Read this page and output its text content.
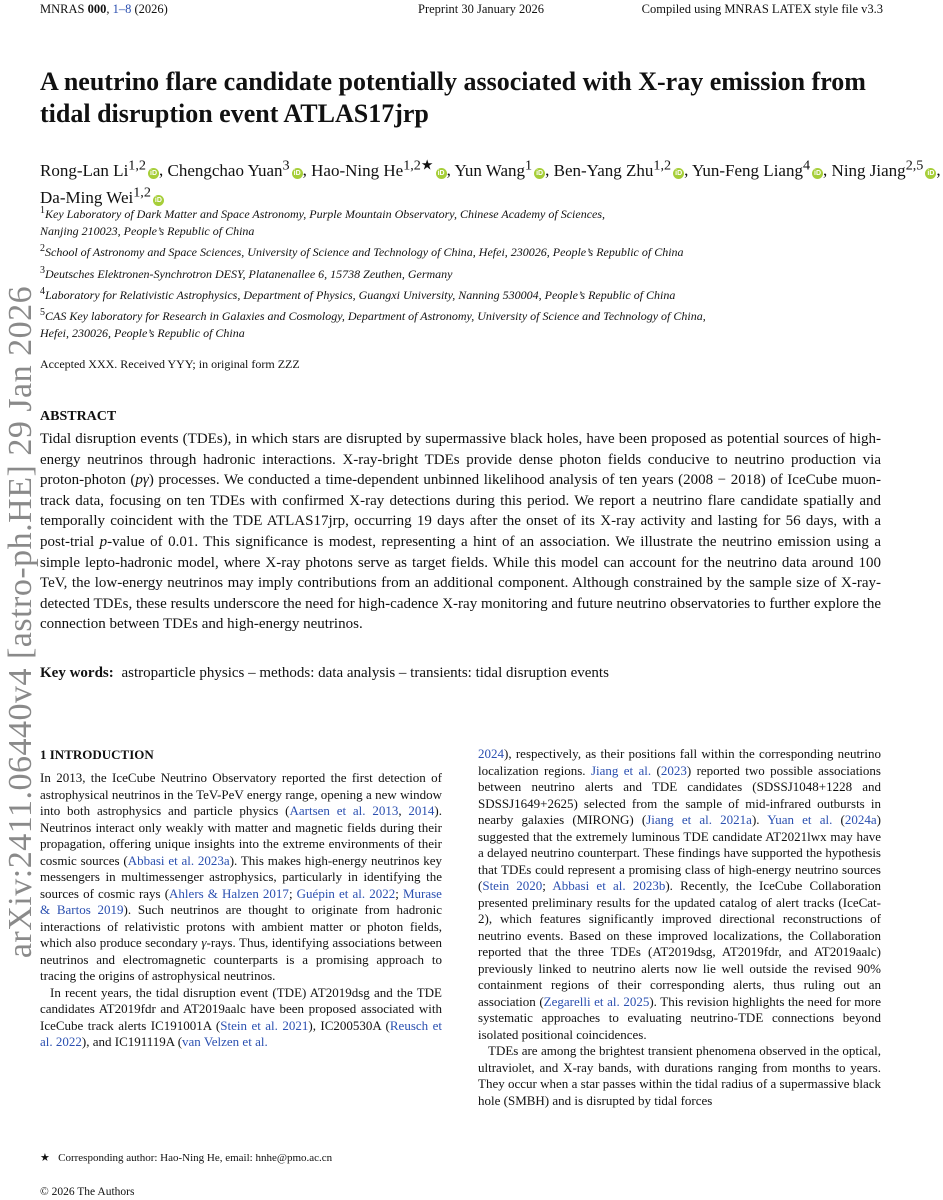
MNRAS 000, 1–8 (2026)	Preprint 30 January 2026	Compiled using MNRAS LATEX style file v3.3
arXiv:2411.06440v4 [astro-ph.HE] 29 Jan 2026
A neutrino flare candidate potentially associated with X-ray emission from tidal disruption event ATLAS17jrp
Rong-Lan Li$^{1,2}$iD , Chengchao Yuan$^3$iD , Hao-Ning $He^{1,2★}iD$ , Yun Wang$^1$iD , Ben-Yang Zhu$^{1,2}$iD , Yun-Feng Liang$^4$iD , Ning Jiang$^{2,5}$iD , Da-Ming Wei$^{1,2}$iD
$^1$Key Laboratory of Dark Matter and Space Astronomy, Purple Mountain Observatory, Chinese Academy of Sciences,
Nanjing 210023, People’s Republic of China
$^2$School of Astronomy and Space Sciences, University of Science and Technology of China, Hefei, 230026, People’s Republic of China
$^3$Deutsches Elektronen-Synchrotron DESY, Platanenallee 6, 15738 Zeuthen, Germany
$^4$Laboratory for Relativistic Astrophysics, Department of Physics, Guangxi University, Nanning 530004, People’s Republic of China
$^5$CAS Key laboratory for Research in Galaxies and Cosmology, Department of Astronomy, University of Science and Technology of China,
Hefei, 230026, People’s Republic of China
Accepted XXX. Received YYY; in original form ZZZ
ABSTRACT

Tidal disruption events (TDEs), in which stars are disrupted by supermassive black holes, have been proposed as potential sources of high-energy neutrinos through hadronic interactions. X-ray-bright TDEs provide dense photon fields conducive to neutrino production via proton-photon (pγ) processes. We conducted a time-dependent unbinned likelihood analysis of ten years (2008 − 2018) of IceCube muon-track data, focusing on ten TDEs with confirmed X-ray detections during this period. We report a neutrino flare candidate spatially and temporally coincident with the TDE ATLAS17jrp, occurring 19 days after the onset of its X-ray activity and lasting for 56 days, with a post-trial p-value of 0.01. This significance is modest, representing a hint of an association. We illustrate the neutrino emission using a simple lepto-hadronic model, where X-ray photons serve as target fields. While this model can account for the neutrino data around 100 TeV, the low-energy neutrinos may imply contributions from an additional component. Although constrained by the sample size of X-ray-detected TDEs, these results underscore the need for high-cadence X-ray monitoring and future neutrino observatories to further explore the connection between TDEs and high-energy neutrinos.

Key words: astroparticle physics – methods: data analysis – transients: tidal disruption events
1 INTRODUCTION

In 2013, the IceCube Neutrino Observatory reported the first detection of astrophysical neutrinos in the TeV-PeV energy range, opening a new window into both astrophysics and particle physics (Aartsen et al. 2013, 2014). Neutrinos interact only weakly with matter and magnetic fields during their propagation, offering unique insights into the extreme environments of their cosmic sources (Abbasi et al. 2023a). This makes high-energy neutrinos key messengers in multimessenger astrophysics, particularly in identifying the sources of cosmic rays (Ahlers & Halzen 2017; Guépin et al. 2022; Murase & Bartos 2019). Such neutrinos are thought to originate from hadronic interactions of relativistic protons with ambient matter or photon fields, which also produce secondary γ-rays. Thus, identifying associations between neutrinos and electromagnetic counterparts is a promising approach to tracing the origins of astrophysical neutrinos.

In recent years, the tidal disruption event (TDE) AT2019dsg and the TDE candidates AT2019fdr and AT2019aalc have been proposed associated with IceCube track alerts IC191001A (Stein et al. 2021), IC200530A (Reusch et al. 2022), and IC191119A (van Velzen et al.

2024), respectively, as their positions fall within the corresponding neutrino localization regions. Jiang et al. (2023) reported two possible associations between neutrino alerts and TDE candidates (SDSSJ1048+1228 and SDSSJ1649+2625) selected from the sample of mid-infrared outbursts in nearby galaxies (MIRONG) (Jiang et al. 2021a). Yuan et al. (2024a) suggested that the extremely luminous TDE candidate AT2021lwx may have a delayed neutrino counterpart. These findings have supported the hypothesis that TDEs could represent a promising class of high-energy neutrino sources (Stein 2020; Abbasi et al. 2023b). Recently, the IceCube Collaboration presented preliminary results for the updated catalog of alert tracks (IceCat-2), which features significantly improved directional reconstructions of neutrino events. Based on these improved localizations, the Collaboration reported that the three TDEs (AT2019dsg, AT2019fdr, and AT2019aalc) previously linked to neutrino alerts now lie well outside the revised 90% containment regions of their corresponding alerts, thus ruling out an association (Zegarelli et al. 2025). This revision highlights the need for more systematic approaches to evaluating neutrino-TDE connections beyond isolated positional coincidences.

TDEs are among the brightest transient phenomena observed in the optical, ultraviolet, and X-ray bands, with durations ranging from months to years. They occur when a star passes within the tidal radius of a supermassive black hole (SMBH) and is disrupted by tidal forces

★ Corresponding author: Hao-Ning He, email: hnhe@pmo.ac.cn
© 2026 The Authors
